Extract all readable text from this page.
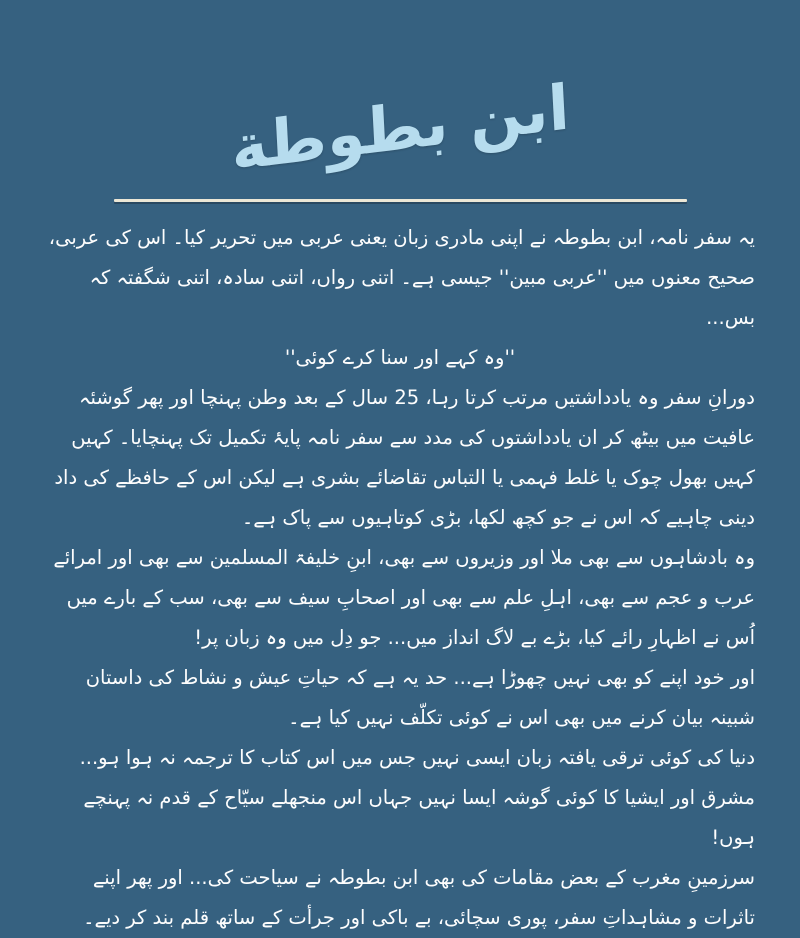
ابن بطوطة

یہ سفر نامہ، ابن بطوطہ نے اپنی مادری زبان یعنی عربی میں تحریر کیا۔ اس کی عربی، صحیح معنوں میں ''عربی مبین'' جیسی ہے۔ اتنی رواں، اتنی سادہ، اتنی شگفتہ کہ بس...

''وہ کہے اور سنا کرے کوئی''

دورانِ سفر وہ یادداشتیں مرتب کرتا رہا، 25 سال کے بعد وطن پہنچا اور پھر گوشئہ عافیت میں بیٹھ کر ان یادداشتوں کی مدد سے سفر نامہ پایۂ تکمیل تک پہنچایا۔ کہیں کہیں بھول چوک یا غلط فہمی یا التباس تقاضائے بشری ہے لیکن اس کے حافظے کی داد دینی چاہیے کہ اس نے جو کچھ لکھا، بڑی کوتاہیوں سے پاک ہے۔

وہ بادشاہوں سے بھی ملا اور وزیروں سے بھی، ابنِ خلیفۃ المسلمین سے بھی اور امرائے عرب و عجم سے بھی، اہلِ علم سے بھی اور اصحابِ سیف سے بھی، سب کے بارے میں اُس نے اظہارِ رائے کیا، بڑے بے لاگ انداز میں... جو دِل میں وہ زبان پر!

اور خود اپنے کو بھی نہیں چھوڑا ہے... حد یہ ہے کہ حیاتِ عیش و نشاط کی داستان شبینہ بیان کرنے میں بھی اس نے کوئی تکلّف نہیں کیا ہے۔

دنیا کی کوئی ترقی یافتہ زبان ایسی نہیں جس میں اس کتاب کا ترجمہ نہ ہوا ہو... مشرق اور ایشیا کا کوئی گوشہ ایسا نہیں جہاں اس منجھلے سیّاح کے قدم نہ پہنچے ہوں!

سرزمینِ مغرب کے بعض مقامات کی بھی ابن بطوطہ نے سیاحت کی... اور پھر اپنے تاثرات و مشاہداتِ سفر، پوری سچائی، بے باکی اور جرأت کے ساتھ قلم بند کر دیے۔
